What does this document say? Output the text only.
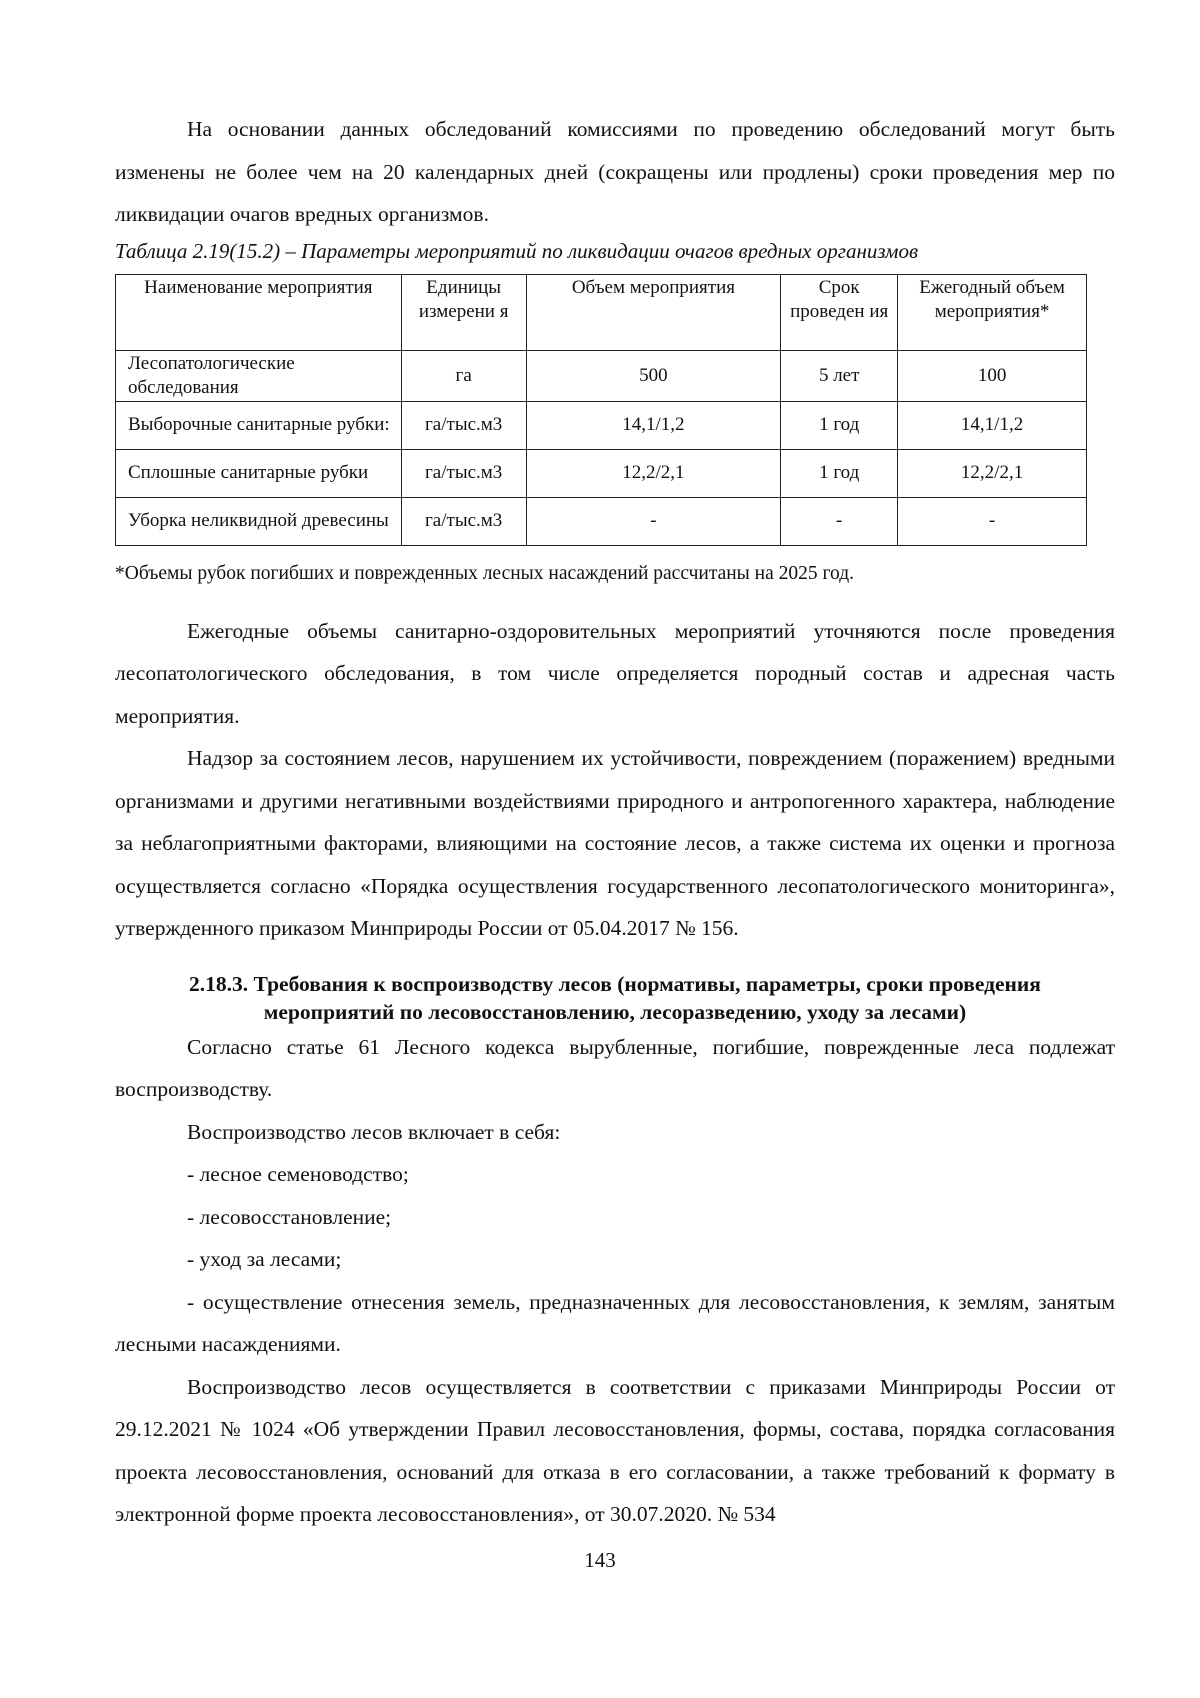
На основании данных обследований комиссиями по проведению обследований могут быть изменены не более чем на 20 календарных дней (сокращены или продлены) сроки проведения мер по ликвидации очагов вредных организмов.

Таблица 2.19(15.2) – Параметры мероприятий по ликвидации очагов вредных организмов
Наименование мероприятия	Единицы измерени я	Объем мероприятия	Срок проведен ия	Ежегодный объем мероприятия*
Лесопатологические обследования	га	500	5 лет	100
Выборочные санитарные рубки:	га/тыс.м3	14,1/1,2	1 год	14,1/1,2
Сплошные санитарные рубки	га/тыс.м3	12,2/2,1	1 год	12,2/2,1
Уборка неликвидной древесины	га/тыс.м3	-	-	-
*Объемы рубок погибших и поврежденных лесных насаждений рассчитаны на 2025 год.

Ежегодные объемы санитарно-оздоровительных мероприятий уточняются после проведения лесопатологического обследования, в том числе определяется породный состав и адресная часть мероприятия.

Надзор за состоянием лесов, нарушением их устойчивости, повреждением (поражением) вредными организмами и другими негативными воздействиями природного и антропогенного характера, наблюдение за неблагоприятными факторами, влияющими на состояние лесов, а также система их оценки и прогноза осуществляется согласно «Порядка осуществления государственного лесопатологического мониторинга», утвержденного приказом Минприроды России от 05.04.2017 № 156.

2.18.3. Требования к воспроизводству лесов (нормативы, параметры, сроки проведения
мероприятий по лесовосстановлению, лесоразведению, уходу за лесами)

Согласно статье 61 Лесного кодекса вырубленные, погибшие, поврежденные леса подлежат воспроизводству.

Воспроизводство лесов включает в себя:

- лесное семеноводство;

- лесовосстановление;

- уход за лесами;

- осуществление отнесения земель, предназначенных для лесовосстановления, к землям, занятым лесными насаждениями.

Воспроизводство лесов осуществляется в соответствии с приказами Минприроды России от 29.12.2021 № 1024 «Об утверждении Правил лесовосстановления, формы, состава, порядка согласования проекта лесовосстановления, оснований для отказа в его согласовании, а также требований к формату в электронной форме проекта лесовосстановления», от 30.07.2020. № 534

143
